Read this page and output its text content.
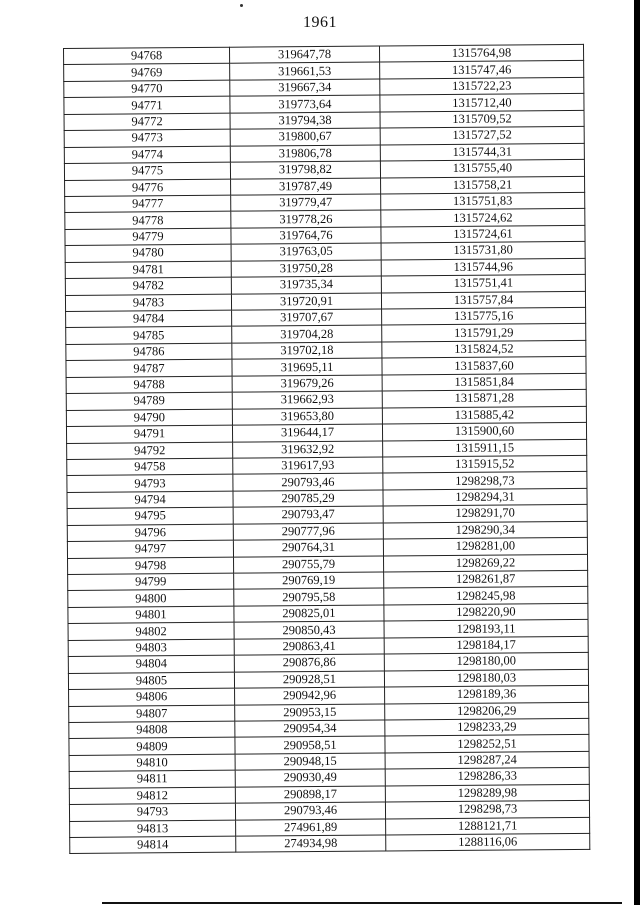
1961
94768	319647,78	1315764,98
94769	319661,53	1315747,46
94770	319667,34	1315722,23
94771	319773,64	1315712,40
94772	319794,38	1315709,52
94773	319800,67	1315727,52
94774	319806,78	1315744,31
94775	319798,82	1315755,40
94776	319787,49	1315758,21
94777	319779,47	1315751,83
94778	319778,26	1315724,62
94779	319764,76	1315724,61
94780	319763,05	1315731,80
94781	319750,28	1315744,96
94782	319735,34	1315751,41
94783	319720,91	1315757,84
94784	319707,67	1315775,16
94785	319704,28	1315791,29
94786	319702,18	1315824,52
94787	319695,11	1315837,60
94788	319679,26	1315851,84
94789	319662,93	1315871,28
94790	319653,80	1315885,42
94791	319644,17	1315900,60
94792	319632,92	1315911,15
94758	319617,93	1315915,52
94793	290793,46	1298298,73
94794	290785,29	1298294,31
94795	290793,47	1298291,70
94796	290777,96	1298290,34
94797	290764,31	1298281,00
94798	290755,79	1298269,22
94799	290769,19	1298261,87
94800	290795,58	1298245,98
94801	290825,01	1298220,90
94802	290850,43	1298193,11
94803	290863,41	1298184,17
94804	290876,86	1298180,00
94805	290928,51	1298180,03
94806	290942,96	1298189,36
94807	290953,15	1298206,29
94808	290954,34	1298233,29
94809	290958,51	1298252,51
94810	290948,15	1298287,24
94811	290930,49	1298286,33
94812	290898,17	1298289,98
94793	290793,46	1298298,73
94813	274961,89	1288121,71
94814	274934,98	1288116,06
